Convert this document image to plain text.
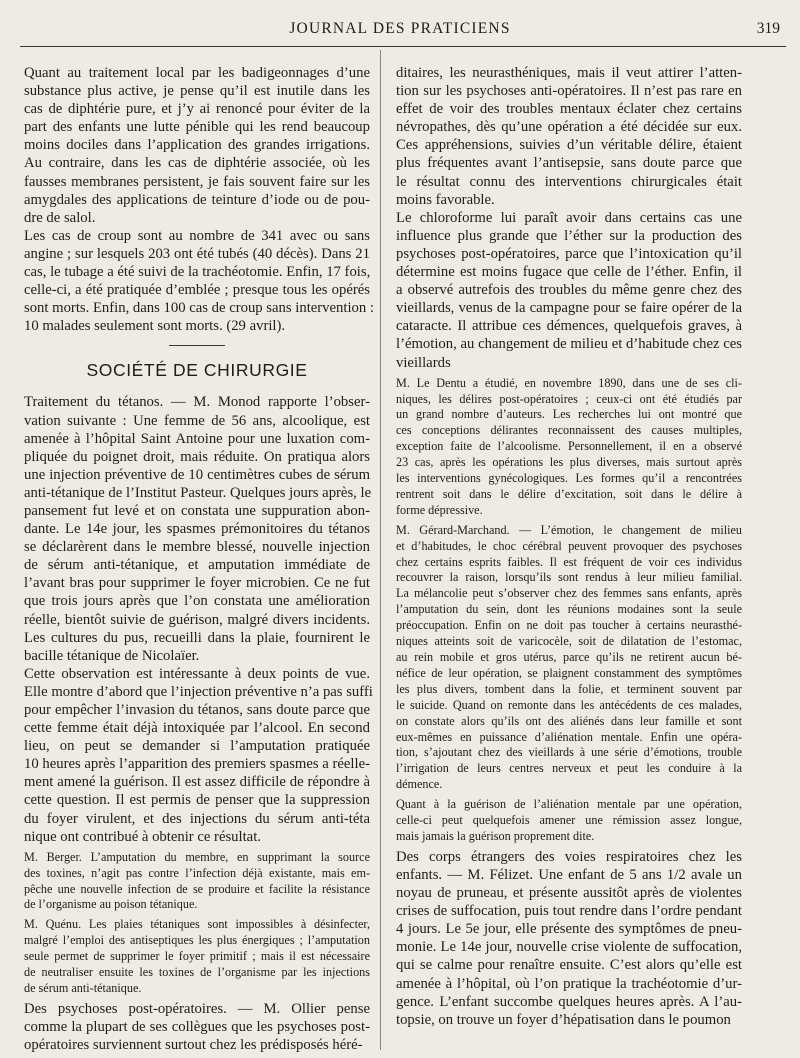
JOURNAL DES PRATICIENS	319
Quant au traitement local par les badigeonnages d’une
substance plus active, je pense qu’il est inutile dans les
cas de diphtérie pure, et j’y ai renoncé pour éviter de la
part des enfants une lutte pénible qui les rend beaucoup
moins dociles dans l’application des grandes irrigations.
Au contraire, dans les cas de diphtérie associée, où les
fausses membranes persistent, je fais souvent faire sur les
amygdales des applications de teinture d’iode ou de pou-
dre de salol.
Les cas de croup sont au nombre de 341 avec ou sans
angine ; sur lesquels 203 ont été tubés (40 décès). Dans 21
cas, le tubage a été suivi de la trachéotomie. Enfin, 17 fois,
celle-ci, a été pratiquée d’emblée ; presque tous les opérés
sont morts. Enfin, dans 100 cas de croup sans intervention :
10 malades seulement sont morts. (29 avril).
SOCIÉTÉ DE CHIRURGIE
Traitement du tétanos. — M. Monod rapporte l’obser-
vation suivante : Une femme de 56 ans, alcoolique, est
amenée à l’hôpital Saint Antoine pour une luxation com-
pliquée du poignet droit, mais réduite. On pratiqua alors
une injection préventive de 10 centimètres cubes de sérum
anti-tétanique de l’Institut Pasteur. Quelques jours après, le
pansement fut levé et on constata une suppuration abon-
dante. Le 14e jour, les spasmes prémonitoires du tétanos
se déclarèrent dans le membre blessé, nouvelle injection
de sérum anti-tétanique, et amputation immédiate de
l’avant bras pour supprimer le foyer microbien. Ce ne fut
que trois jours après que l’on constata une amélioration
réelle, bientôt suivie de guérison, malgré divers incidents.
Les cultures du pus, recueilli dans la plaie, fournirent le
bacille tétanique de Nicolaïer.
Cette observation est intéressante à deux points de vue.
Elle montre d’abord que l’injection préventive n’a pas suffi
pour empêcher l’invasion du tétanos, sans doute parce que
cette femme était déjà intoxiquée par l’alcool. En second
lieu, on peut se demander si l’amputation pratiquée
10 heures après l’apparition des premiers spasmes a réelle-
ment amené la guérison. Il est assez difficile de répondre à
cette question. Il est permis de penser que la suppression
du foyer virulent, et des injections du sérum anti-téta
nique ont contribué à obtenir ce résultat.
M. Berger. L’amputation du membre, en supprimant la source
des toxines, n’agit pas contre l’infection déjà existante, mais em-
pêche une nouvelle infection de se produire et facilite la résistance
de l’organisme au poison tétanique.
M. Quénu. Les plaies tétaniques sont impossibles à désinfecter,
malgré l’emploi des antiseptiques les plus énergiques ; l’amputation
seule permet de supprimer le foyer primitif ; mais il est nécessaire
de neutraliser ensuite les toxines de l’organisme par les injections
de sérum anti-tétanique.
Des psychoses post-opératoires. — M. Ollier pense
comme la plupart de ses collègues que les psychoses post-
opératoires surviennent surtout chez les prédisposés héré-
ditaires, les neurasthéniques, mais il veut attirer l’atten-
tion sur les psychoses anti-opératoires. Il n’est pas rare en
effet de voir des troubles mentaux éclater chez certains
névropathes, dès qu’une opération a été décidée sur eux.
Ces appréhensions, suivies d’un véritable délire, étaient
plus fréquentes avant l’antisepsie, sans doute parce que
le résultat connu des interventions chirurgicales était
moins favorable.
Le chloroforme lui paraît avoir dans certains cas une
influence plus grande que l’éther sur la production des
psychoses post-opératoires, parce que l’intoxication qu’il
détermine est moins fugace que celle de l’éther. Enfin, il
a observé autrefois des troubles du même genre chez des
vieillards, venus de la campagne pour se faire opérer de la
cataracte. Il attribue ces démences, quelquefois graves, à
l’émotion, au changement de milieu et d’habitude chez ces
vieillards
M. Le Dentu a étudié, en novembre 1890, dans une de ses cli-
niques, les délires post-opératoires ; ceux-ci ont été étudiés par
un grand nombre d’auteurs. Les recherches lui ont montré que
ces conceptions délirantes reconnaissent des causes multiples,
exception faite de l’alcoolisme. Personnellement, il en a observé
23 cas, après les opérations les plus diverses, mais surtout après
les interventions gynécologiques. Les formes qu’il a rencontrées
rentrent soit dans le délire d’excitation, soit dans le délire à
forme dépressive.
M. Gérard-Marchand. — L’émotion, le changement de milieu
et d’habitudes, le choc cérébral peuvent provoquer des psychoses
chez certains esprits faibles. Il est fréquent de voir ces individus
recouvrer la raison, lorsqu’ils sont rendus à leur milieu familial.
La mélancolie peut s’observer chez des femmes sans enfants, après
l’amputation du sein, dont les réunions modaines sont la seule
préoccupation. Enfin on ne doit pas toucher à certains neurasthé-
niques atteints soit de varicocèle, soit de dilatation de l’estomac,
au rein mobile et gros utérus, parce qu’ils ne retirent aucun bé-
néfice de leur opération, se plaignent constamment des symptômes
les plus divers, tombent dans la folie, et terminent souvent par
le suicide. Quand on remonte dans les antécédents de ces malades,
on constate alors qu’ils ont des aliénés dans leur famille et sont
eux-mêmes en puissance d’aliénation mentale. Enfin une opéra-
tion, s’ajoutant chez des vieillards à une série d’émotions, trouble
l’irrigation de leurs centres nerveux et peut les conduire à la
démence.
Quant à la guérison de l’aliénation mentale par une opération,
celle-ci peut quelquefois amener une rémission assez longue,
mais jamais la guérison proprement dite.
Des corps étrangers des voies respiratoires chez les
enfants. — M. Félizet. Une enfant de 5 ans 1/2 avale un
noyau de pruneau, et présente aussitôt après de violentes
crises de suffocation, puis tout rendre dans l’ordre pendant
4 jours. Le 5e jour, elle présente des symptômes de pneu-
monie. Le 14e jour, nouvelle crise violente de suffocation,
qui se calme pour renaître ensuite. C’est alors qu’elle est
amenée à l’hôpital, où l’on pratique la trachéotomie d’ur-
gence. L’enfant succombe quelques heures après. A l’au-
topsie, on trouve un foyer d’hépatisation dans le poumon
